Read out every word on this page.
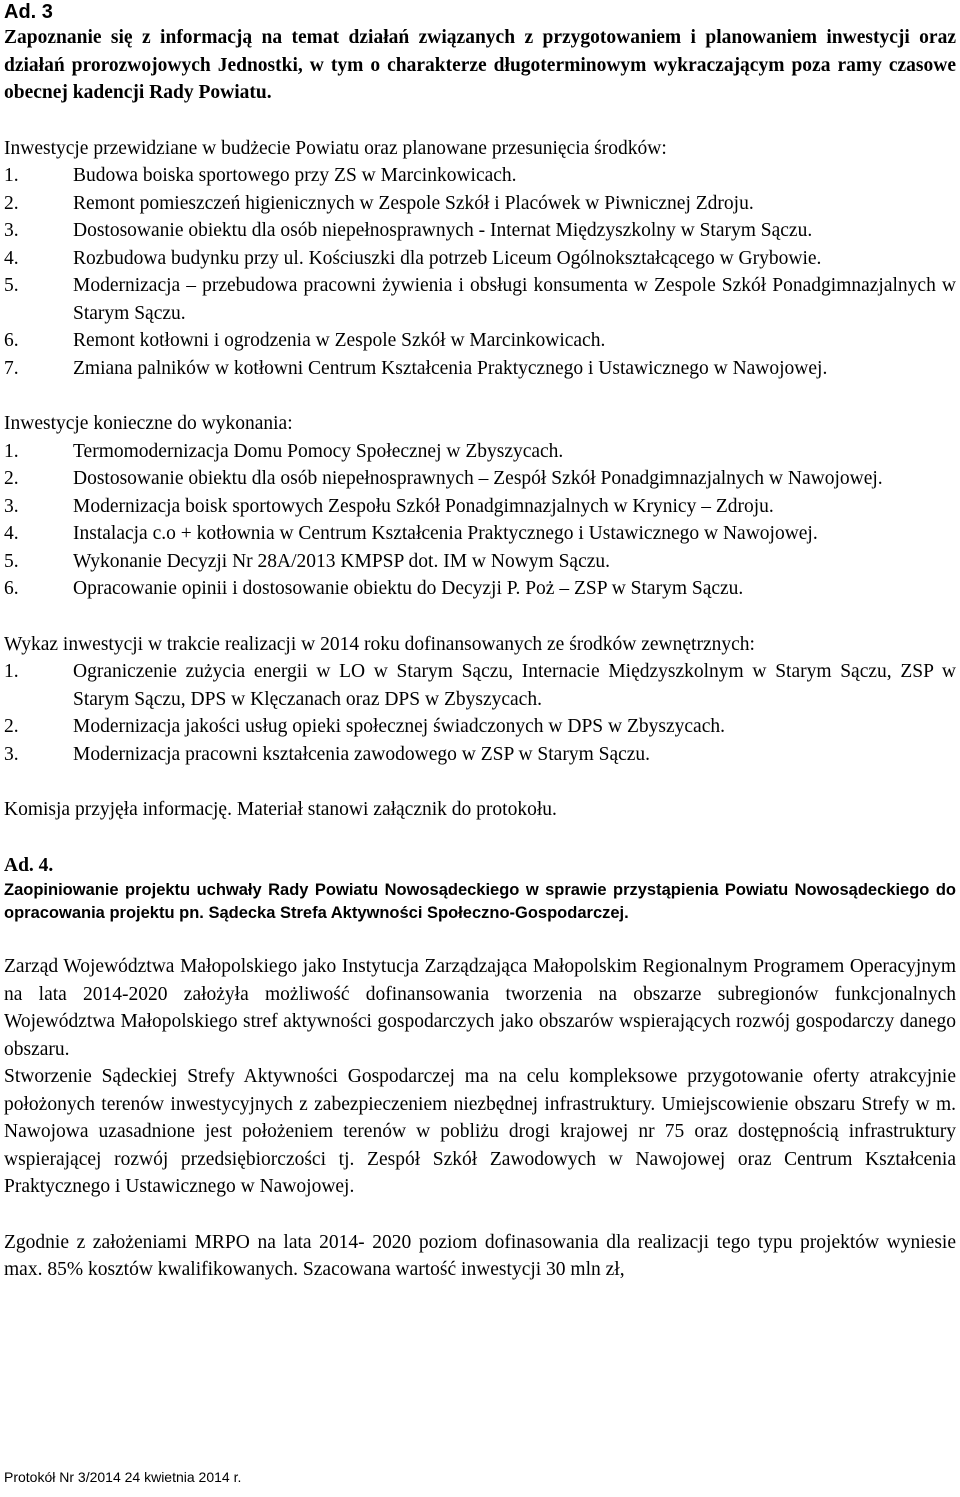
Ad. 3

Zapoznanie się z informacją na temat działań związanych z przygotowaniem i planowaniem inwestycji oraz działań prorozwojowych Jednostki, w tym o charakterze długoterminowym wykraczającym poza ramy czasowe obecnej kadencji Rady Powiatu.

Inwestycje przewidziane w budżecie Powiatu oraz planowane przesunięcia środków:

1.	Budowa boiska sportowego przy ZS w Marcinkowicach.
2.	Remont pomieszczeń higienicznych w Zespole Szkół i Placówek w Piwnicznej Zdroju.
3.	Dostosowanie obiektu dla osób niepełnosprawnych - Internat Międzyszkolny w Starym Sączu.
4.	Rozbudowa budynku przy ul. Kościuszki dla potrzeb Liceum Ogólnokształcącego w Grybowie.
5.	Modernizacja – przebudowa pracowni żywienia i obsługi konsumenta w Zespole Szkół Ponadgimnazjalnych w Starym Sączu.
6.	Remont kotłowni i ogrodzenia w Zespole Szkół w Marcinkowicach.
7.	Zmiana palników w kotłowni Centrum Kształcenia Praktycznego i Ustawicznego w Nawojowej.

Inwestycje konieczne do wykonania:

1.	Termomodernizacja Domu Pomocy Społecznej w Zbyszycach.
2.	Dostosowanie obiektu dla osób niepełnosprawnych – Zespół Szkół Ponadgimnazjalnych w Nawojowej.
3.	Modernizacja boisk sportowych Zespołu Szkół Ponadgimnazjalnych w Krynicy – Zdroju.
4.	Instalacja c.o + kotłownia w Centrum Kształcenia Praktycznego i Ustawicznego w Nawojowej.
5.	Wykonanie Decyzji Nr 28A/2013 KMPSP dot. IM w Nowym Sączu.
6.	Opracowanie opinii i dostosowanie obiektu do Decyzji P. Poż – ZSP w Starym Sączu.

Wykaz inwestycji w trakcie realizacji w 2014 roku dofinansowanych ze środków zewnętrznych:

1.	Ograniczenie zużycia energii w LO w Starym Sączu, Internacie Międzyszkolnym w Starym Sączu, ZSP w Starym Sączu, DPS w Klęczanach oraz DPS w Zbyszycach.
2.	Modernizacja jakości usług opieki społecznej świadczonych w DPS w Zbyszycach.
3.	Modernizacja pracowni kształcenia zawodowego w ZSP w Starym Sączu.

Komisja przyjęła informację. Materiał stanowi załącznik do protokołu.

Ad. 4.

Zaopiniowanie projektu uchwały Rady Powiatu Nowosądeckiego w sprawie przystąpienia Powiatu Nowosądeckiego do opracowania projektu pn. Sądecka Strefa Aktywności Społeczno-Gospodarczej.

Zarząd Województwa Małopolskiego jako Instytucja Zarządzająca Małopolskim Regionalnym Programem Operacyjnym na lata 2014-2020 założyła możliwość dofinansowania tworzenia na obszarze subregionów funkcjonalnych Województwa Małopolskiego stref aktywności gospodarczych jako obszarów wspierających rozwój gospodarczy danego obszaru.

Stworzenie Sądeckiej Strefy Aktywności Gospodarczej ma na celu kompleksowe przygotowanie oferty atrakcyjnie położonych terenów inwestycyjnych z zabezpieczeniem niezbędnej infrastruktury. Umiejscowienie obszaru Strefy w m. Nawojowa uzasadnione jest położeniem terenów w pobliżu drogi krajowej nr 75 oraz dostępnością infrastruktury wspierającej rozwój przedsiębiorczości tj. Zespół Szkół Zawodowych w Nawojowej oraz Centrum Kształcenia Praktycznego i Ustawicznego w Nawojowej.

Zgodnie z założeniami MRPO na lata 2014- 2020 poziom dofinasowania dla realizacji tego typu projektów wyniesie max. 85% kosztów kwalifikowanych. Szacowana wartość inwestycji 30 mln zł,

Protokół Nr 3/2014 24 kwietnia 2014 r.
